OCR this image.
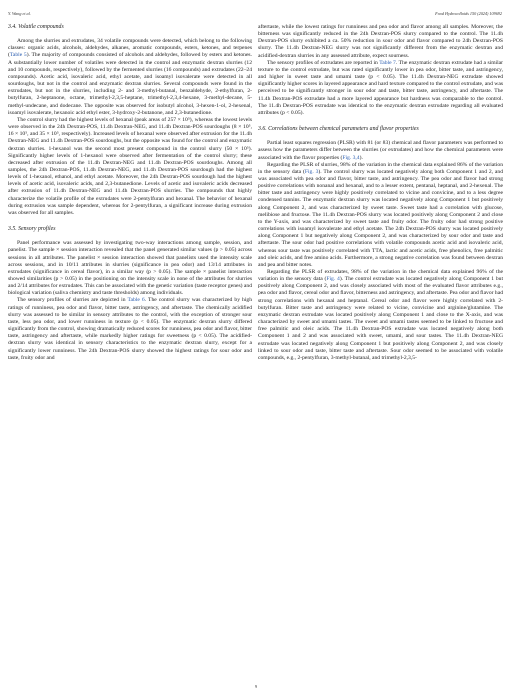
Y. Wang et al.	Food Hydrocolloids 150 (2024) 109692
3.4. Volatile compounds

Among the slurries and extrudates, 34 volatile compounds were detected, which belong to the following classes: organic acids, alcohols, aldehydes, alkanes, aromatic compounds, esters, ketones, and terpenes (Table 5). The majority of compounds consisted of alcohols and aldehydes, followed by esters and ketones. A substantially lower number of volatiles were detected in the control and enzymatic dextran slurries (12 and 10 compounds, respectively), followed by the fermented slurries (16 compounds) and extrudates (22–24 compounds). Acetic acid, isovaleric acid, ethyl acetate, and isoamyl isovalerate were detected in all sourdoughs, but not in the control and enzymatic dextran slurries. Several compounds were found in the extrudates, but not in the slurries, including 2- and 3-methyl-butanal, benzaldehyde, 2-ethylfuran, 2-butylfuran, 2-heptanone, octane, trimethyl-2,3,5-heptane, trimethyl-2,3,4-hexane, 3-methyl-decane, 5-methyl-undecane, and dodecane. The opposite was observed for isobutyl alcohol, 3-hexen-1-ol, 2-hexenal, isoamyl isovalerate, hexanoic acid ethyl ester, 3-hydroxy-2-butanone, and 2,3-butanedione.

The control slurry had the highest levels of hexanal (peak areas of 257 × 10⁵), whereas the lowest levels were observed in the 24h Dextran-POS, 11.4h Dextran-NEG, and 11.4h Dextran-POS sourdoughs (8 × 10⁵, 16 × 10⁵, and 35 × 10⁵, respectively). Increased levels of hexanal were observed after extrusion for the 11.4h Dextran-NEG and 11.4h Dextran-POS sourdoughs, but the opposite was found for the control and enzymatic dextran slurries. 1-hexanol was the second most present compound in the control slurry (50 × 10⁵). Significantly higher levels of 1-hexanol were observed after fermentation of the control slurry; these decreased after extrusion of the 11.4h Dextran-NEG and 11.4h Dextran-POS sourdoughs. Among all samples, the 24h Dextran-POS, 11.4h Dextran-NEG, and 11.4h Dextran-POS sourdough had the highest levels of 1-hexanol, ethanol, and ethyl acetate. Moreover, the 24h Dextran-POS sourdough had the highest levels of acetic acid, isovaleric acids, and 2,3-butanedione. Levels of acetic and isovaleric acids decreased after extrusion of 11.4h Dextran-NEG and 11.4h Dextran-POS slurries. The compounds that highly characterize the volatile profile of the extrudates were 2-pentylfuran and hexanal. The behavior of hexanal during extrusion was sample dependent, whereas for 2-pentylfuran, a significant increase during extrusion was observed for all samples.

3.5. Sensory profiles

Panel performance was assessed by investigating two-way interactions among sample, session, and panelist. The sample × session interaction revealed that the panel generated similar values (p > 0.05) across sessions in all attributes. The panelist × session interaction showed that panelists used the intensity scale across sessions, and in 10/11 attributes in slurries (significance in pea odor) and 13/14 attributes in extrudates (significance in cereal flavor), in a similar way (p > 0.05). The sample × panelist interaction showed similarities (p > 0.05) in the positioning on the intensity scale in none of the attributes for slurries and 2/14 attributes for extrudates. This can be associated with the genetic variation (taste receptor genes) and biological variation (saliva chemistry and taste thresholds) among individuals.

The sensory profiles of slurries are depicted in Table 6. The control slurry was characterized by high ratings of runniness, pea odor and flavor, bitter taste, astringency, and aftertaste. The chemically acidified slurry was assessed to be similar in sensory attributes to the control, with the exception of stronger sour taste, less pea odor, and lower runniness in texture (p < 0.05). The enzymatic dextran slurry differed significantly from the control, showing dramatically reduced scores for runniness, pea odor and flavor, bitter taste, astringency and aftertaste, while markedly higher ratings for sweetness (p < 0.05). The acidified-dextran slurry was identical in sensory characteristics to the enzymatic dextran slurry, except for a significantly lower runniness. The 24h Dextran-POS slurry showed the highest ratings for sour odor and taste, fruity odor and

aftertaste, while the lowest ratings for runniness and pea odor and flavor among all samples. Moreover, the bitterness was significantly reduced in the 24h Dextran-POS slurry compared to the control. The 11.4h Dextran-POS slurry exhibited a ca. 50% reduction in sour odor and flavor compared to 24h Dextran-POS slurry. The 11.4h Dextran-NEG slurry was not significantly different from the enzymatic dextran and acidified-dextran slurries in any assessed attribute, expect sourness.

The sensory profiles of extrudates are reported in Table 7. The enzymatic dextran extrudate had a similar texture to the control extrudate, but was rated significantly lower in pea odor, bitter taste, and astringency, and higher in sweet taste and umami taste (p < 0.05). The 11.4h Dextran-NEG extrudate showed significantly higher scores in layered appearance and hard texture compared to the control extrudate, and was perceived to be significantly stronger in sour odor and taste, bitter taste, astringency, and aftertaste. The 11.4h Dextran-POS extrudate had a more layered appearance but hardness was comparable to the control. The 11.4h Dextran-POS extrudate was identical to the enzymatic dextran extrudate regarding all evaluated attributes (p < 0.05).

3.6. Correlations between chemical parameters and flavor properties

Partial least squares regression (PLSR) with 81 (or 83) chemical and flavor parameters was performed to assess how the parameters differ between the slurries (or extrudates) and how the chemical parameters were associated with the flavor properties (Fig. 3,4).

Regarding the PLSR of slurries, 98% of the variation in the chemical data explained 86% of the variation in the sensory data (Fig. 3). The control slurry was located negatively along both Component 1 and 2, and was associated with pea odor and flavor, bitter taste, and astringency. The pea odor and flavor had strong positive correlations with nonanal and hexanal, and to a lesser extent, pentanal, heptanal, and 2-hexenal. The bitter taste and astringency were highly positively correlated to vicine and convicine, and to a less degree condensed tannins. The enzymatic dextran slurry was located negatively along Component 1 but positively along Component 2, and was characterized by sweet taste. Sweet taste had a correlation with glucose, melibiose and fructose. The 11.4h Dextran-POS slurry was located positively along Component 2 and close to the Y-axis, and was characterized by sweet taste and fruity odor. The fruity odor had strong positive correlations with isoamyl isovalerate and ethyl acetate. The 24h Dextran-POS slurry was located positively along Component 1 but negatively along Component 2, and was characterized by sour odor and taste and aftertaste. The sour odor had positive correlations with volatile compounds acetic acid and isovaleric acid, whereas sour taste was positively correlated with TTA, lactic and acetic acids, free phenolics, free palmitic and oleic acids, and free amino acids. Furthermore, a strong negative correlation was found between dextran and pea and bitter notes.

Regarding the PLSR of extrudates, 98% of the variation in the chemical data explained 96% of the variation in the sensory data (Fig. 4). The control extrudate was located negatively along Component 1 but positively along Component 2, and was closely associated with most of the evaluated flavor attributes e.g., pea odor and flavor, cereal odor and flavor, bitterness and astringency, and aftertaste. Pea odor and flavor had strong correlations with hexanal and heptanal. Cereal odor and flavor were highly correlated with 2-butylfuran. Bitter taste and astringency were related to vicine, convicine and arginine/glutamine. The enzymatic dextran extrudate was located positively along Component 1 and close to the X-axis, and was characterized by sweet and umami tastes. The sweet and umami tastes seemed to be linked to fructose and free palmitic and oleic acids. The 11.4h Dextran-POS extrudate was located negatively along both Component 1 and 2 and was associated with sweet, umami, and sour tastes. The 11.4h Dextran-NEG extrudate was located negatively along Component 1 but positively along Component 2, and was closely linked to sour odor and taste, bitter taste and aftertaste. Sour odor seemed to be associated with volatile compounds, e.g., 2-pentylfuran, 3-methyl-butanal, and trimethyl-2,3,5-

9
